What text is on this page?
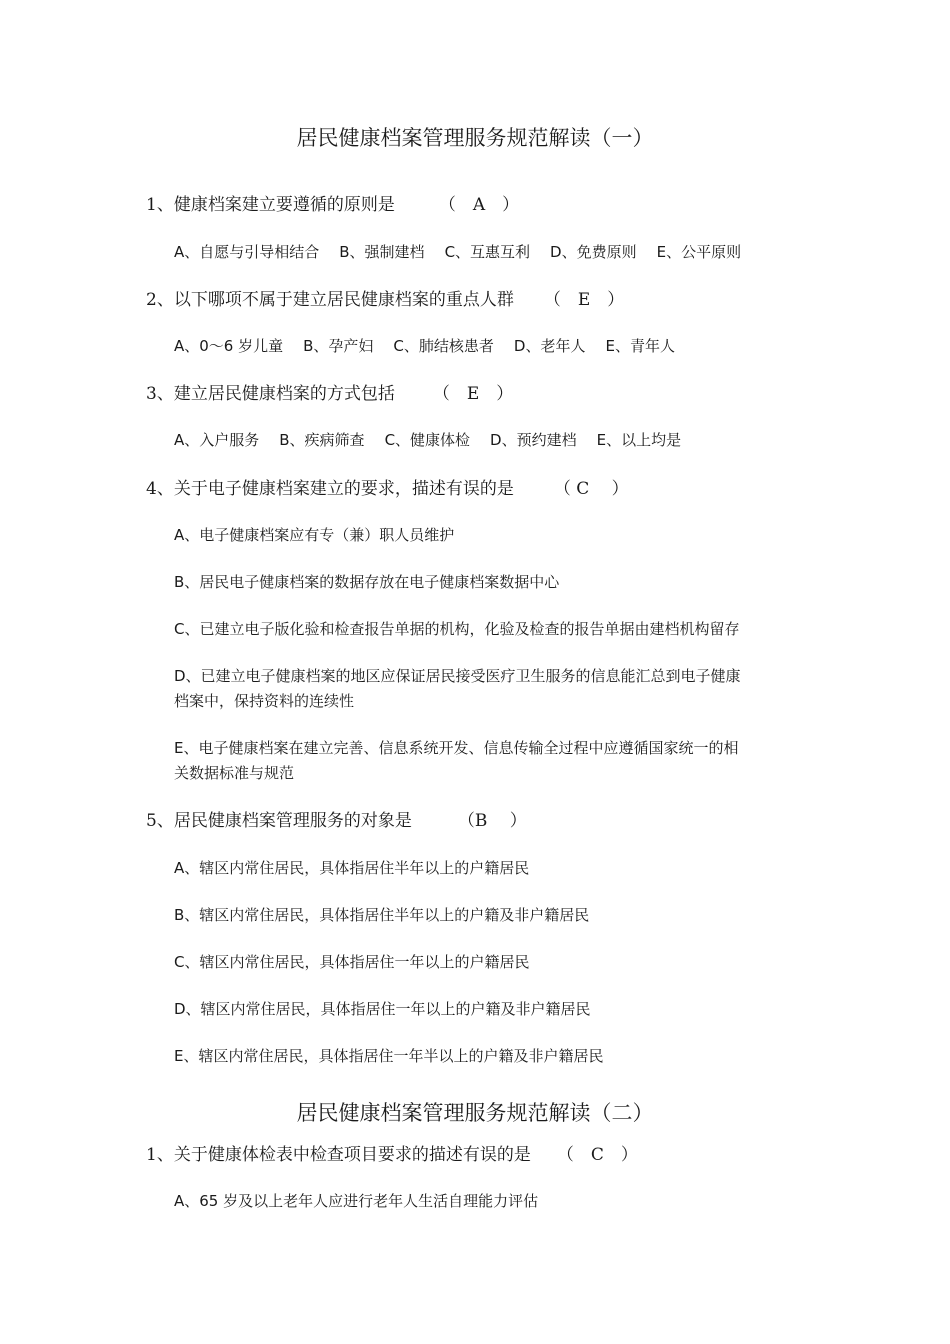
居民健康档案管理服务规范解读（一）
1、健康档案建立要遵循的原则是	（　A　）
A、自愿与引导相结合 B、强制建档 C、互惠互利 D、免费原则 E、公平原则
2、以下哪项不属于建立居民健康档案的重点人群 （　E　）
A、0～6 岁儿童 B、孕产妇 C、肺结核患者 D、老年人 E、青年人
3、建立居民健康档案的方式包括 （　E　）
A、入户服务 B、疾病筛查 C、健康体检 D、预约建档 E、以上均是
4、关于电子健康档案建立的要求，描述有误的是 （ C　 ）
A、电子健康档案应有专（兼）职人员维护
B、居民电子健康档案的数据存放在电子健康档案数据中心
C、已建立电子版化验和检查报告单据的机构，化验及检查的报告单据由建档机构留存
D、已建立电子健康档案的地区应保证居民接受医疗卫生服务的信息能汇总到电子健康
档案中，保持资料的连续性
E、电子健康档案在建立完善、信息系统开发、信息传输全过程中应遵循国家统一的相
关数据标准与规范
5、居民健康档案管理服务的对象是	（B　 ）
A、辖区内常住居民，具体指居住半年以上的户籍居民
B、辖区内常住居民，具体指居住半年以上的户籍及非户籍居民
C、辖区内常住居民，具体指居住一年以上的户籍居民
D、辖区内常住居民，具体指居住一年以上的户籍及非户籍居民
E、辖区内常住居民，具体指居住一年半以上的户籍及非户籍居民
居民健康档案管理服务规范解读（二）
1、关于健康体检表中检查项目要求的描述有误的是 （　C　）
A、65 岁及以上老年人应进行老年人生活自理能力评估
